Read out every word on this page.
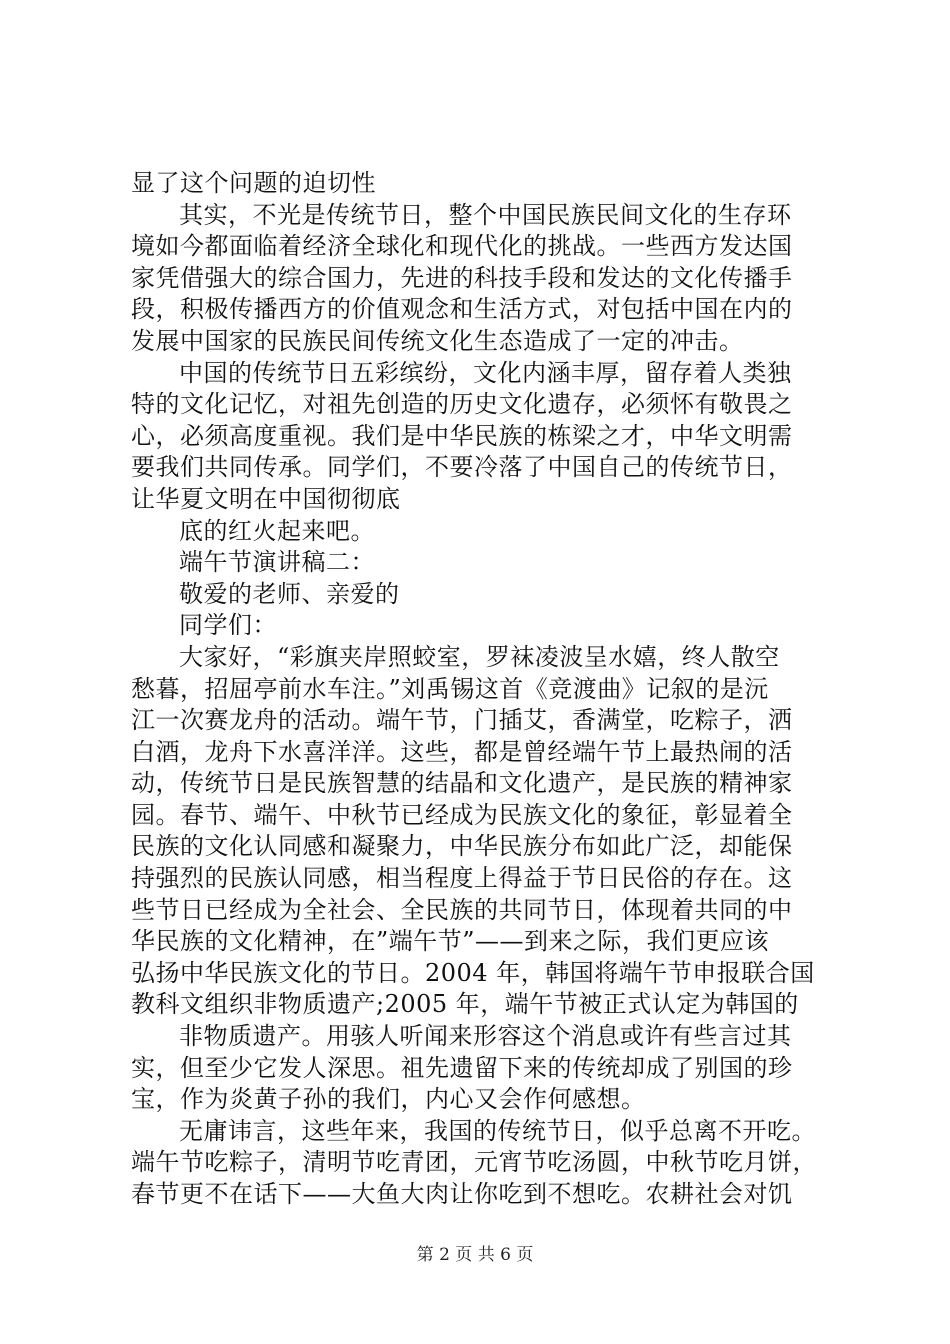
显了这个问题的迫切性
其实，不光是传统节日，整个中国民族民间文化的生存环
境如今都面临着经济全球化和现代化的挑战。一些西方发达国
家凭借强大的综合国力，先进的科技手段和发达的文化传播手
段，积极传播西方的价值观念和生活方式，对包括中国在内的
发展中国家的民族民间传统文化生态造成了一定的冲击。
中国的传统节日五彩缤纷，文化内涵丰厚，留存着人类独
特的文化记忆，对祖先创造的历史文化遗存，必须怀有敬畏之
心，必须高度重视。我们是中华民族的栋梁之才，中华文明需
要我们共同传承。同学们，不要冷落了中国自己的传统节日，
让华夏文明在中国彻彻底
底的红火起来吧。
端午节演讲稿二：
敬爱的老师、亲爱的
同学们：
大家好，“彩旗夹岸照蛟室，罗袜凌波呈水嬉，终人散空
愁暮，招屈亭前水车注。”刘禹锡这首《竞渡曲》记叙的是沅
江一次赛龙舟的活动。端午节，门插艾，香满堂，吃粽子，洒
白酒，龙舟下水喜洋洋。这些，都是曾经端午节上最热闹的活
动，传统节日是民族智慧的结晶和文化遗产，是民族的精神家
园。春节、端午、中秋节已经成为民族文化的象征，彰显着全
民族的文化认同感和凝聚力，中华民族分布如此广泛，却能保
持强烈的民族认同感，相当程度上得益于节日民俗的存在。这
些节日已经成为全社会、全民族的共同节日，体现着共同的中
华民族的文化精神，在”端午节”——到来之际，我们更应该
弘扬中华民族文化的节日。2004 年，韩国将端午节申报联合国
教科文组织非物质遗产;2005 年，端午节被正式认定为韩国的
非物质遗产。用骇人听闻来形容这个消息或许有些言过其
实，但至少它发人深思。祖先遗留下来的传统却成了别国的珍
宝，作为炎黄子孙的我们，内心又会作何感想。
无庸讳言，这些年来，我国的传统节日，似乎总离不开吃。
端午节吃粽子，清明节吃青团，元宵节吃汤圆，中秋节吃月饼，
春节更不在话下——大鱼大肉让你吃到不想吃。农耕社会对饥
第 2 页 共 6 页
